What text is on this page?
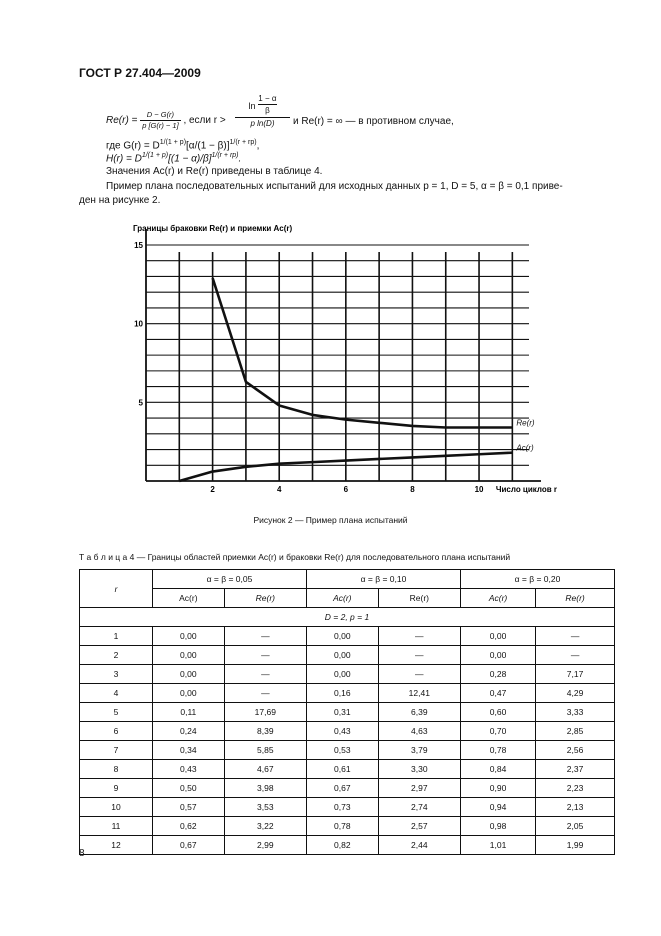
ГОСТ Р 27.404—2009
$Re(r) = \frac{D - G(r)}{p [G(r) - 1]}$ , если r >
$\ln \frac{1 - \alpha}{\beta}$
p ln(D)	и Re(r) = ∞ — в противном случае,
где $G(r) = D^{1/(1 + p)}[\alpha/(1 - \beta)]^{1/(r + rp)}$,
$H(r) = D^{1/(1 + p)}[(1 - \alpha)/\beta]^{1/(r + rp)}$.
Значения Ac(r) и Re(r) приведены в таблице 4.
Пример плана последовательных испытаний для исходных данных p = 1, D = 5, α = β = 0,1 приве-
ден на рисунке 2.
Re(r)
Ac(r)
2	4	6	8	10
5
10
15
Границы браковки Re(r) и приемки Ac(r)
Число циклов r
Рисунок 2 — Пример плана испытаний
Т а б л и ц а 4 — Границы областей приемки Ac(r) и браковки Re(r) для последовательного плана испытаний
r	α = β = 0,05		α = β = 0,10		α = β = 0,20	
	Ac(r)	Re(r)	Ac(r)	Re(r)	Ac(r)	Re(r)
D = 2, p = 1						
1	0,00	—	0,00	—	0,00	—
2	0,00	—	0,00	—	0,00	—
3	0,00	—	0,00	—	0,28	7,17
4	0,00	—	0,16	12,41	0,47	4,29
5	0,11	17,69	0,31	6,39	0,60	3,33
6	0,24	8,39	0,43	4,63	0,70	2,85
7	0,34	5,85	0,53	3,79	0,78	2,56
8	0,43	4,67	0,61	3,30	0,84	2,37
9	0,50	3,98	0,67	2,97	0,90	2,23
10	0,57	3,53	0,73	2,74	0,94	2,13
11	0,62	3,22	0,78	2,57	0,98	2,05
12	0,67	2,99	0,82	2,44	1,01	1,99
8
